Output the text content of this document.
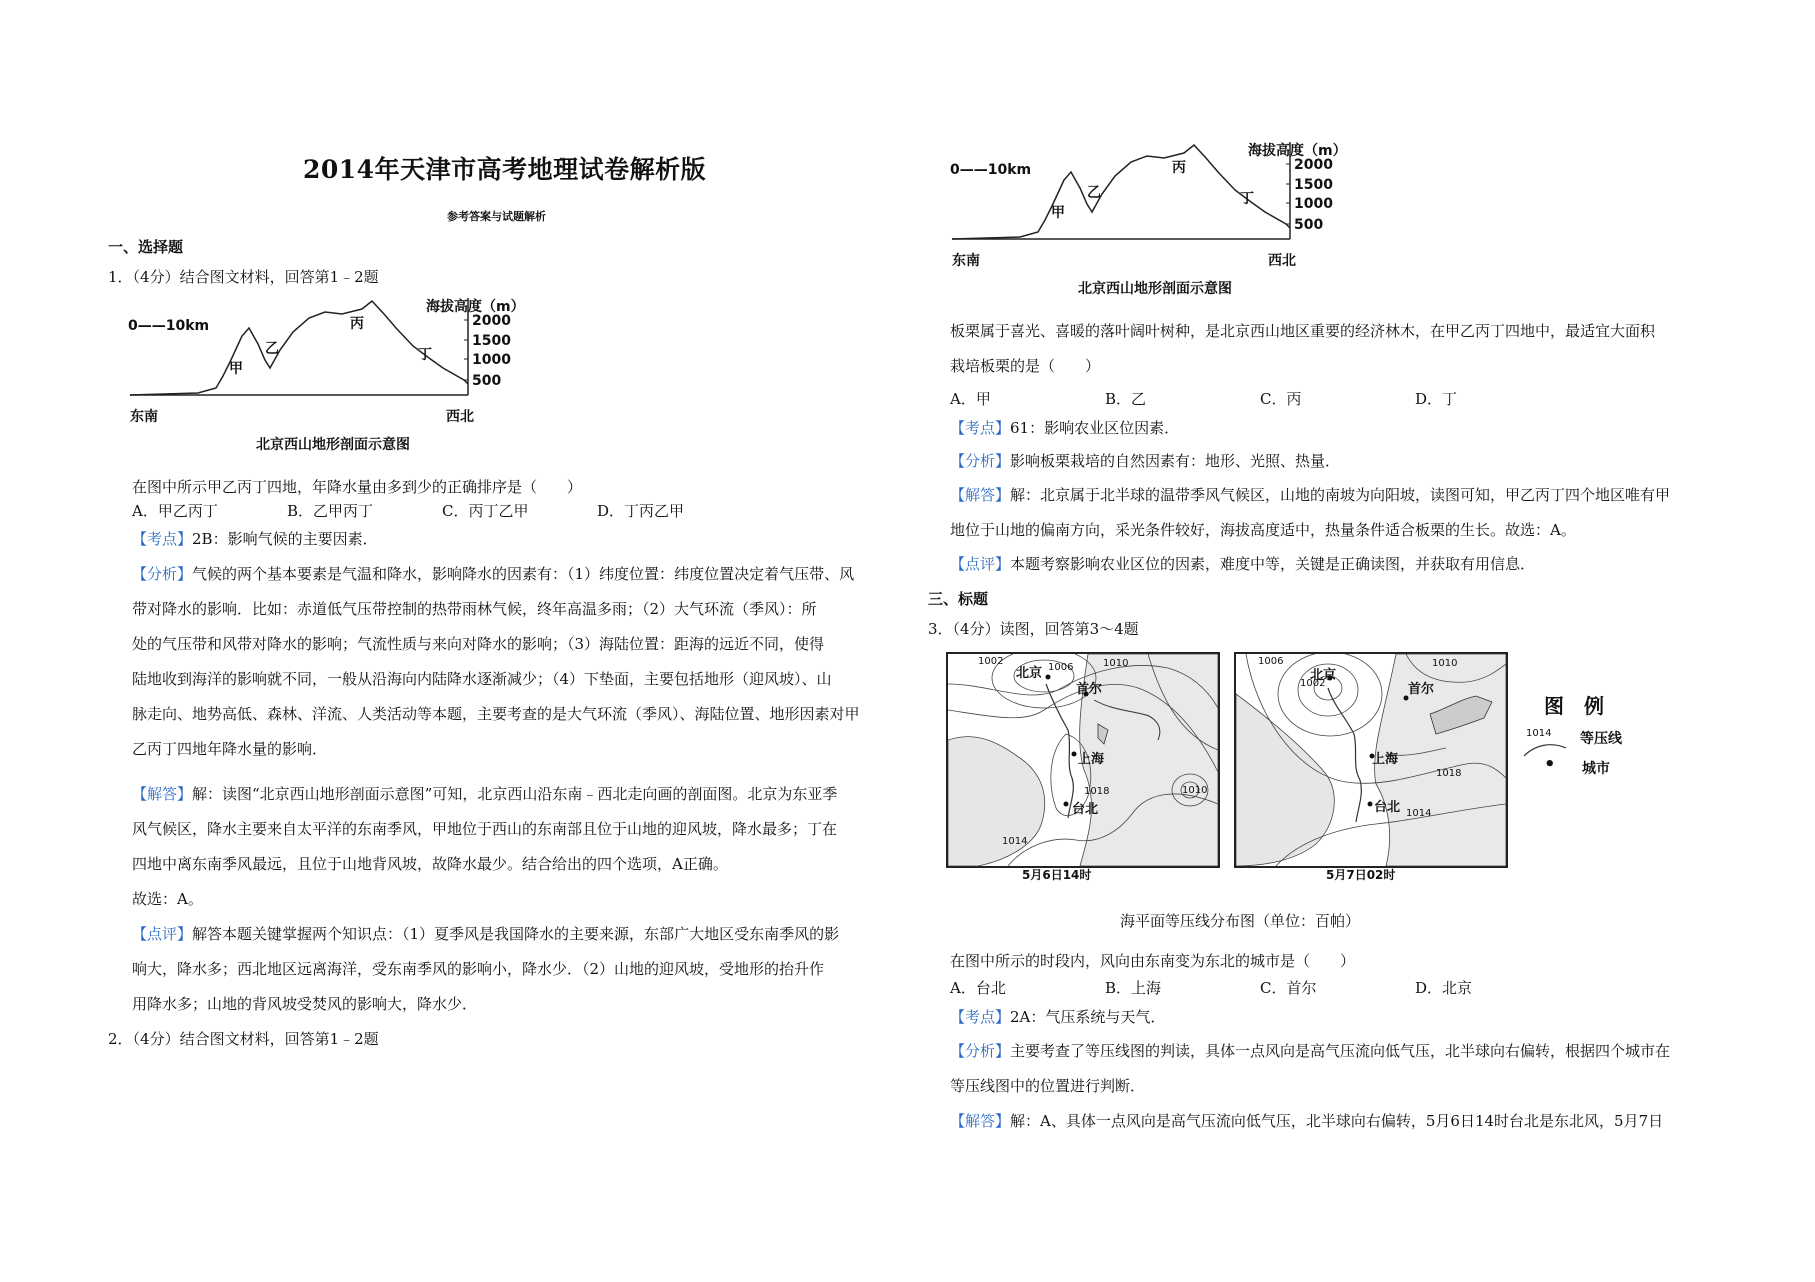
2014年天津市高考地理试卷解析版
参考答案与试题解析
一、选择题
1．（4分）结合图文材料，回答第1﹣2题
0——10km
海拔高度（m）
2000
1500
1000
500
甲
乙
丙
丁
东南	西北
北京西山地形剖面示意图
在图中所示甲乙丙丁四地，年降水量由多到少的正确排序是（　　）
A．甲乙丙丁	B．乙甲丙丁	C．丙丁乙甲	D．丁丙乙甲
【考点】2B：影响气候的主要因素．
【分析】气候的两个基本要素是气温和降水，影响降水的因素有：（1）纬度位置：纬度位置决定着气压带、风
带对降水的影响．比如：赤道低气压带控制的热带雨林气候，终年高温多雨；（2）大气环流（季风）：所
处的气压带和风带对降水的影响；气流性质与来向对降水的影响；（3）海陆位置：距海的远近不同，使得
陆地收到海洋的影响就不同，一般从沿海向内陆降水逐渐减少；（4）下垫面，主要包括地形（迎风坡）、山
脉走向、地势高低、森林、洋流、人类活动等本题，主要考查的是大气环流（季风）、海陆位置、地形因素对甲
乙丙丁四地年降水量的影响．
【解答】解：读图“北京西山地形剖面示意图”可知，北京西山沿东南﹣西北走向画的剖面图。北京为东亚季
风气候区，降水主要来自太平洋的东南季风，甲地位于西山的东南部且位于山地的迎风坡，降水最多；丁在
四地中离东南季风最远，且位于山地背风坡，故降水最少。结合给出的四个选项，A正确。
故选：A。
【点评】解答本题关键掌握两个知识点：（1）夏季风是我国降水的主要来源，东部广大地区受东南季风的影
响大，降水多；西北地区远离海洋，受东南季风的影响小，降水少．（2）山地的迎风坡，受地形的抬升作
用降水多；山地的背风坡受焚风的影响大，降水少．
2．（4分）结合图文材料，回答第1﹣2题
0——10km
海拔高度（m）
2000
1500
1000
500
甲
乙
丙
丁
东南	西北
北京西山地形剖面示意图
板栗属于喜光、喜暖的落叶阔叶树种，是北京西山地区重要的经济林木，在甲乙丙丁四地中，最适宜大面积
栽培板栗的是（　　）
A．甲	B．乙	C．丙	D．丁
【考点】61：影响农业区位因素．
【分析】影响板栗栽培的自然因素有：地形、光照、热量．
【解答】解：北京属于北半球的温带季风气候区，山地的南坡为向阳坡，读图可知，甲乙丙丁四个地区唯有甲
地位于山地的偏南方向，采光条件较好，海拔高度适中，热量条件适合板栗的生长。故选：A。
【点评】本题考察影响农业区位的因素，难度中等，关键是正确读图，并获取有用信息．
三、标题
3．（4分）读图，回答第3～4题
1002
1006	1010
1018
1014
1010
北京
首尔
上海
台北
5月6日14时
1006
1002
1010
1018
1014
北京
首尔
上海
台北
5月7日02时
图　例
1014 等压线
• 城市
海平面等压线分布图（单位：百帕）
在图中所示的时段内，风向由东南变为东北的城市是（　　）
A．台北	B．上海	C．首尔	D．北京
【考点】2A：气压系统与天气．
【分析】主要考查了等压线图的判读，具体一点风向是高气压流向低气压，北半球向右偏转，根据四个城市在
等压线图中的位置进行判断．
【解答】解：A、具体一点风向是高气压流向低气压，北半球向右偏转，5月6日14时台北是东北风，5月7日
